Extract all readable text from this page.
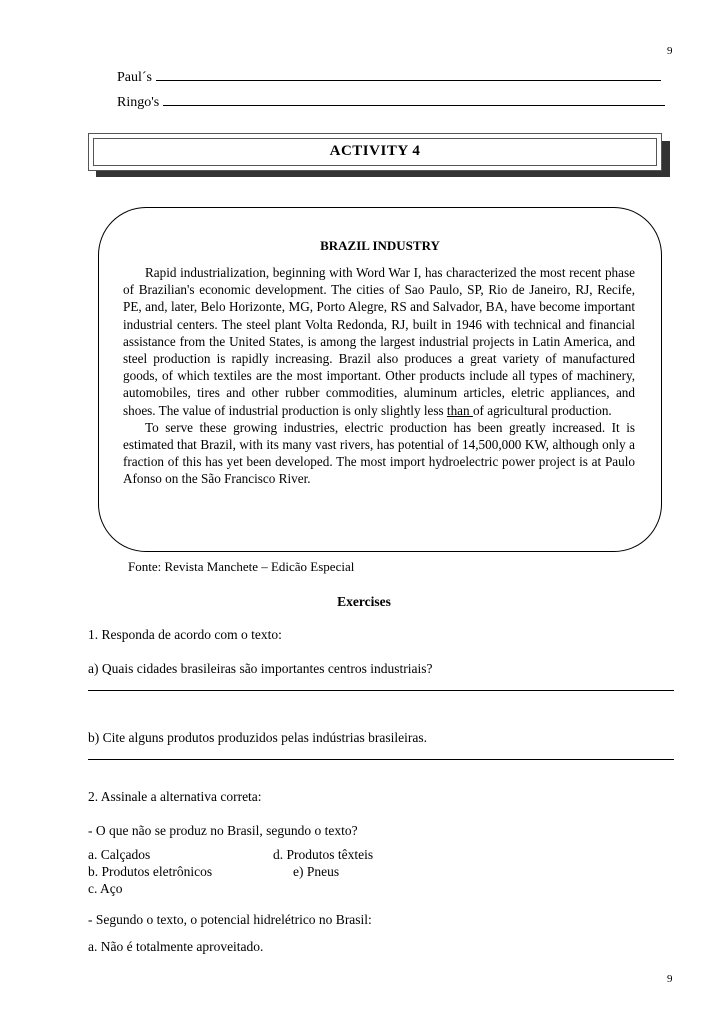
9
Paul´s
Ringo's
ACTIVITY 4
BRAZIL INDUSTRY

Rapid industrialization, beginning with Word War I, has characterized the most recent phase of Brazilian's economic development. The cities of Sao Paulo, SP, Rio de Janeiro, RJ, Recife, PE, and, later, Belo Horizonte, MG, Porto Alegre, RS and Salvador, BA, have become important industrial centers. The steel plant Volta Redonda, RJ, built in 1946 with technical and financial assistance from the United States, is among the largest industrial projects in Latin America, and steel production is rapidly increasing. Brazil also produces a great variety of manufactured goods, of which textiles are the most important. Other products include all types of machinery, automobiles, tires and other rubber commodities, aluminum articles, eletric appliances, and shoes. The value of industrial production is only slightly less than of agricultural production.

To serve these growing industries, electric production has been greatly increased. It is estimated that Brazil, with its many vast rivers, has potential of 14,500,000 KW, although only a fraction of this has yet been developed. The most import hydroelectric power project is at Paulo Afonso on the São Francisco River.

Fonte: Revista Manchete – Edicão Especial
Exercises
1. Responda de acordo com o texto:
a) Quais cidades brasileiras são importantes centros industriais?
b) Cite alguns produtos produzidos pelas indústrias brasileiras.
2. Assinale a alternativa correta:
- O que não se produz no Brasil, segundo o texto?
a. Calçados	d. Produtos têxteis
b. Produtos eletrônicos	e) Pneus
c. Aço
- Segundo o texto, o potencial hidrelétrico no Brasil:
a. Não é totalmente aproveitado.
9
